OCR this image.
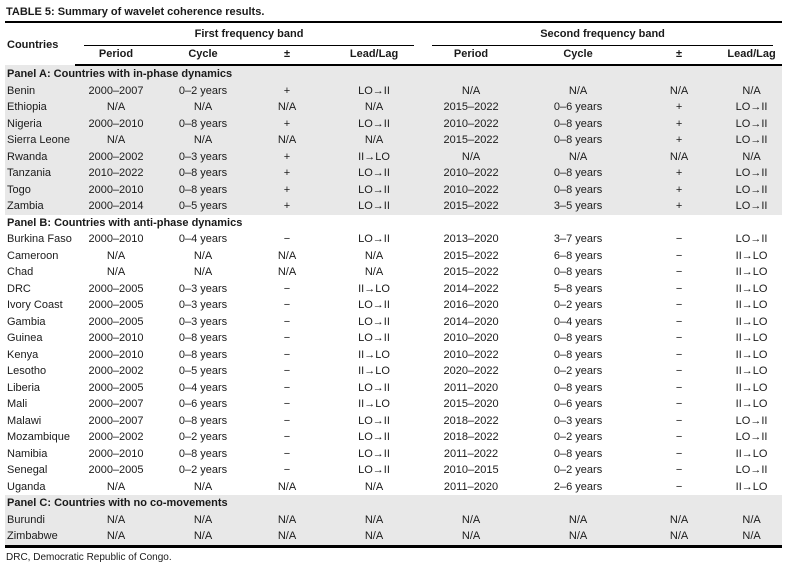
TABLE 5: Summary of wavelet coherence results.
Countries	First frequency band				Second frequency band			

	Period	Cycle	±	Lead/Lag	Period	Cycle	±	Lead/Lag
Panel A: Countries with in-phase dynamics								
Benin	2000–2007	0–2 years	+	LO→II	N/A	N/A	N/A	N/A
Ethiopia	N/A	N/A	N/A	N/A	2015–2022	0–6 years	+	LO→II
Nigeria	2000–2010	0–8 years	+	LO→II	2010–2022	0–8 years	+	LO→II
Sierra Leone	N/A	N/A	N/A	N/A	2015–2022	0–8 years	+	LO→II
Rwanda	2000–2002	0–3 years	+	II→LO	N/A	N/A	N/A	N/A
Tanzania	2010–2022	0–8 years	+	LO→II	2010–2022	0–8 years	+	LO→II
Togo	2000–2010	0–8 years	+	LO→II	2010–2022	0–8 years	+	LO→II
Zambia	2000–2014	0–5 years	+	LO→II	2015–2022	3–5 years	+	LO→II
Panel B: Countries with anti-phase dynamics								
Burkina Faso	2000–2010	0–4 years	−	LO→II	2013–2020	3–7 years	−	LO→II
Cameroon	N/A	N/A	N/A	N/A	2015–2022	6–8 years	−	II→LO
Chad	N/A	N/A	N/A	N/A	2015–2022	0–8 years	−	II→LO
DRC	2000–2005	0–3 years	−	II→LO	2014–2022	5–8 years	−	II→LO
Ivory Coast	2000–2005	0–3 years	−	LO→II	2016–2020	0–2 years	−	II→LO
Gambia	2000–2005	0–3 years	−	LO→II	2014–2020	0–4 years	−	II→LO
Guinea	2000–2010	0–8 years	−	LO→II	2010–2020	0–8 years	−	II→LO
Kenya	2000–2010	0–8 years	−	II→LO	2010–2022	0–8 years	−	II→LO
Lesotho	2000–2002	0–5 years	−	II→LO	2020–2022	0–2 years	−	II→LO
Liberia	2000–2005	0–4 years	−	LO→II	2011–2020	0–8 years	−	II→LO
Mali	2000–2007	0–6 years	−	II→LO	2015–2020	0–6 years	−	II→LO
Malawi	2000–2007	0–8 years	−	LO→II	2018–2022	0–3 years	−	LO→II
Mozambique	2000–2002	0–2 years	−	LO→II	2018–2022	0–2 years	−	LO→II
Namibia	2000–2010	0–8 years	−	LO→II	2011–2022	0–8 years	−	II→LO
Senegal	2000–2005	0–2 years	−	LO→II	2010–2015	0–2 years	−	LO→II
Uganda	N/A	N/A	N/A	N/A	2011–2020	2–6 years	−	II→LO
Panel C: Countries with no co-movements								
Burundi	N/A	N/A	N/A	N/A	N/A	N/A	N/A	N/A
Zimbabwe	N/A	N/A	N/A	N/A	N/A	N/A	N/A	N/A
DRC, Democratic Republic of Congo.
